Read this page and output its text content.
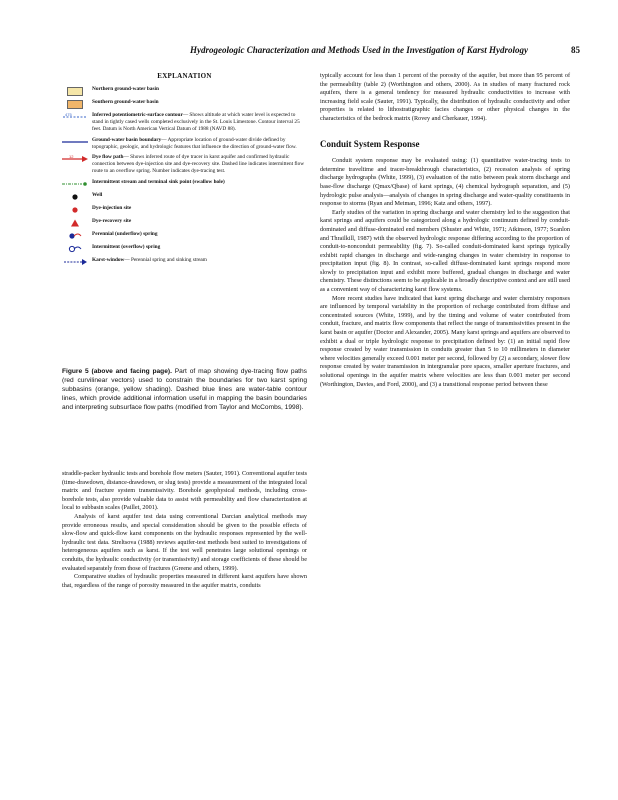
Hydrogeologic Characterization and Methods Used in the Investigation of Karst Hydrology	85
EXPLANATION
Northern ground-water basin
Southern ground-water basin
475	Inferred potentiometric-surface contour— Shows altitude at which water level is expected to stand in tightly cased wells completed exclusively in the St. Louis Limestone. Contour interval 25 feet. Datum is North American Vertical Datum of 1988 (NAVD 88).
Ground-water basin boundary— Appropriate location of ground-water divide defined by topographic, geologic, and hydrologic features that influence the direction of ground-water flow.
12	Dye flow path— Shows inferred route of dye tracer in karst aquifer and confirmed hydraulic connection between dye-injection site and dye-recovery site. Dashed line indicates intermittent flow route to an overflow spring. Number indicates dye-tracing test.
Intermittent stream and terminal sink point (swallow hole)
Well
Dye-injection site
Dye-recovery site
Perennial (underflow) spring
Intermittent (overflow) spring
Karst-window— Perennial spring and sinking stream
Figure 5 (above and facing page). Part of map showing dye-tracing flow paths (red curvilinear vectors) used to constrain the boundaries for two karst spring subbasins (orange, yellow shading). Dashed blue lines are water-table contour lines, which provide additional information useful in mapping the basin boundaries and interpreting subsurface flow paths (modified from Taylor and McCombs, 1998).

straddle-packer hydraulic tests and borehole flow meters (Sauter, 1991). Conventional aquifer tests (time-drawdown, distance-drawdown, or slug tests) provide a measurement of the integrated local matrix and fracture system transmissivity. Borehole geophysical methods, including cross-borehole tests, also provide valuable data to assist with permeability and flow characterization at local to subbasin scales (Paillet, 2001).

Analysis of karst aquifer test data using conventional Darcian analytical methods may provide erroneous results, and special consideration should be given to the possible effects of slow-flow and quick-flow karst components on the hydraulic responses represented by the well-hydraulic test data. Streltsova (1988) reviews aquifer-test methods best suited to investigations of heterogeneous aquifers such as karst. If the test well penetrates large solutional openings or conduits, the hydraulic conductivity (or transmissivity) and storage coefficients of these should be evaluated separately from those of fractures (Greene and others, 1999).

Comparative studies of hydraulic properties measured in different karst aquifers have shown that, regardless of the range of porosity measured in the aquifer matrix, conduits

typically account for less than 1 percent of the porosity of the aquifer, but more than 95 percent of the permeability (table 2) (Worthington and others, 2000). As in studies of many fractured rock aquifers, there is a general tendency for measured hydraulic conductivities to increase with increasing field scale (Sauter, 1991). Typically, the distribution of hydraulic conductivity and other properties is related to lithostratigraphic facies changes or other physical changes in the characteristics of the bedrock matrix (Rovey and Cherkauer, 1994).

Conduit System Response

Conduit system response may be evaluated using: (1) quantitative water-tracing tests to determine traveltime and tracer-breakthrough characteristics, (2) recession analysis of spring discharge hydrographs (White, 1999), (3) evaluation of the ratio between peak storm discharge and base-flow discharge (Qmax/Qbase) of karst springs, (4) chemical hydrograph separation, and (5) hydrologic pulse analysis—analysis of changes in spring discharge and water-quality constituents in response to storms (Ryan and Meiman, 1996; Katz and others, 1997).

Early studies of the variation in spring discharge and water chemistry led to the suggestion that karst springs and aquifers could be categorized along a hydrologic continuum defined by conduit-dominated and diffuse-dominated end members (Shuster and White, 1971; Atkinson, 1977; Scanlon and Thrailkill, 1987) with the observed hydrologic response differing according to the proportion of conduit-to-nonconduit permeability (fig. 7). So-called conduit-dominated karst springs typically exhibit rapid changes in discharge and wide-ranging changes in water chemistry in response to precipitation input (fig. 8). In contrast, so-called diffuse-dominated karst springs respond more slowly to precipitation input and exhibit more buffered, gradual changes in discharge and water chemistry. These distinctions seem to be applicable in a broadly descriptive context and are still used as a convenient way of characterizing karst flow systems.

More recent studies have indicated that karst spring discharge and water chemistry responses are influenced by temporal variability in the proportion of recharge contributed from diffuse and concentrated sources (White, 1999), and by the timing and volume of water contributed from conduit, fracture, and matrix flow components that reflect the range of transmissivities present in the karst basin or aquifer (Doctor and Alexander, 2005). Many karst springs and aquifers are observed to exhibit a dual or triple hydrologic response to precipitation defined by: (1) an initial rapid flow response created by water transmission in conduits greater than 5 to 10 millimeters in diameter where velocities generally exceed 0.001 meter per second, followed by (2) a secondary, slower flow response created by water transmission in intergranular pore spaces, smaller aperture fractures, and solutional openings in the aquifer matrix where velocities are less than 0.001 meter per second (Worthington, Davies, and Ford, 2000), and (3) a transitional response period between these
